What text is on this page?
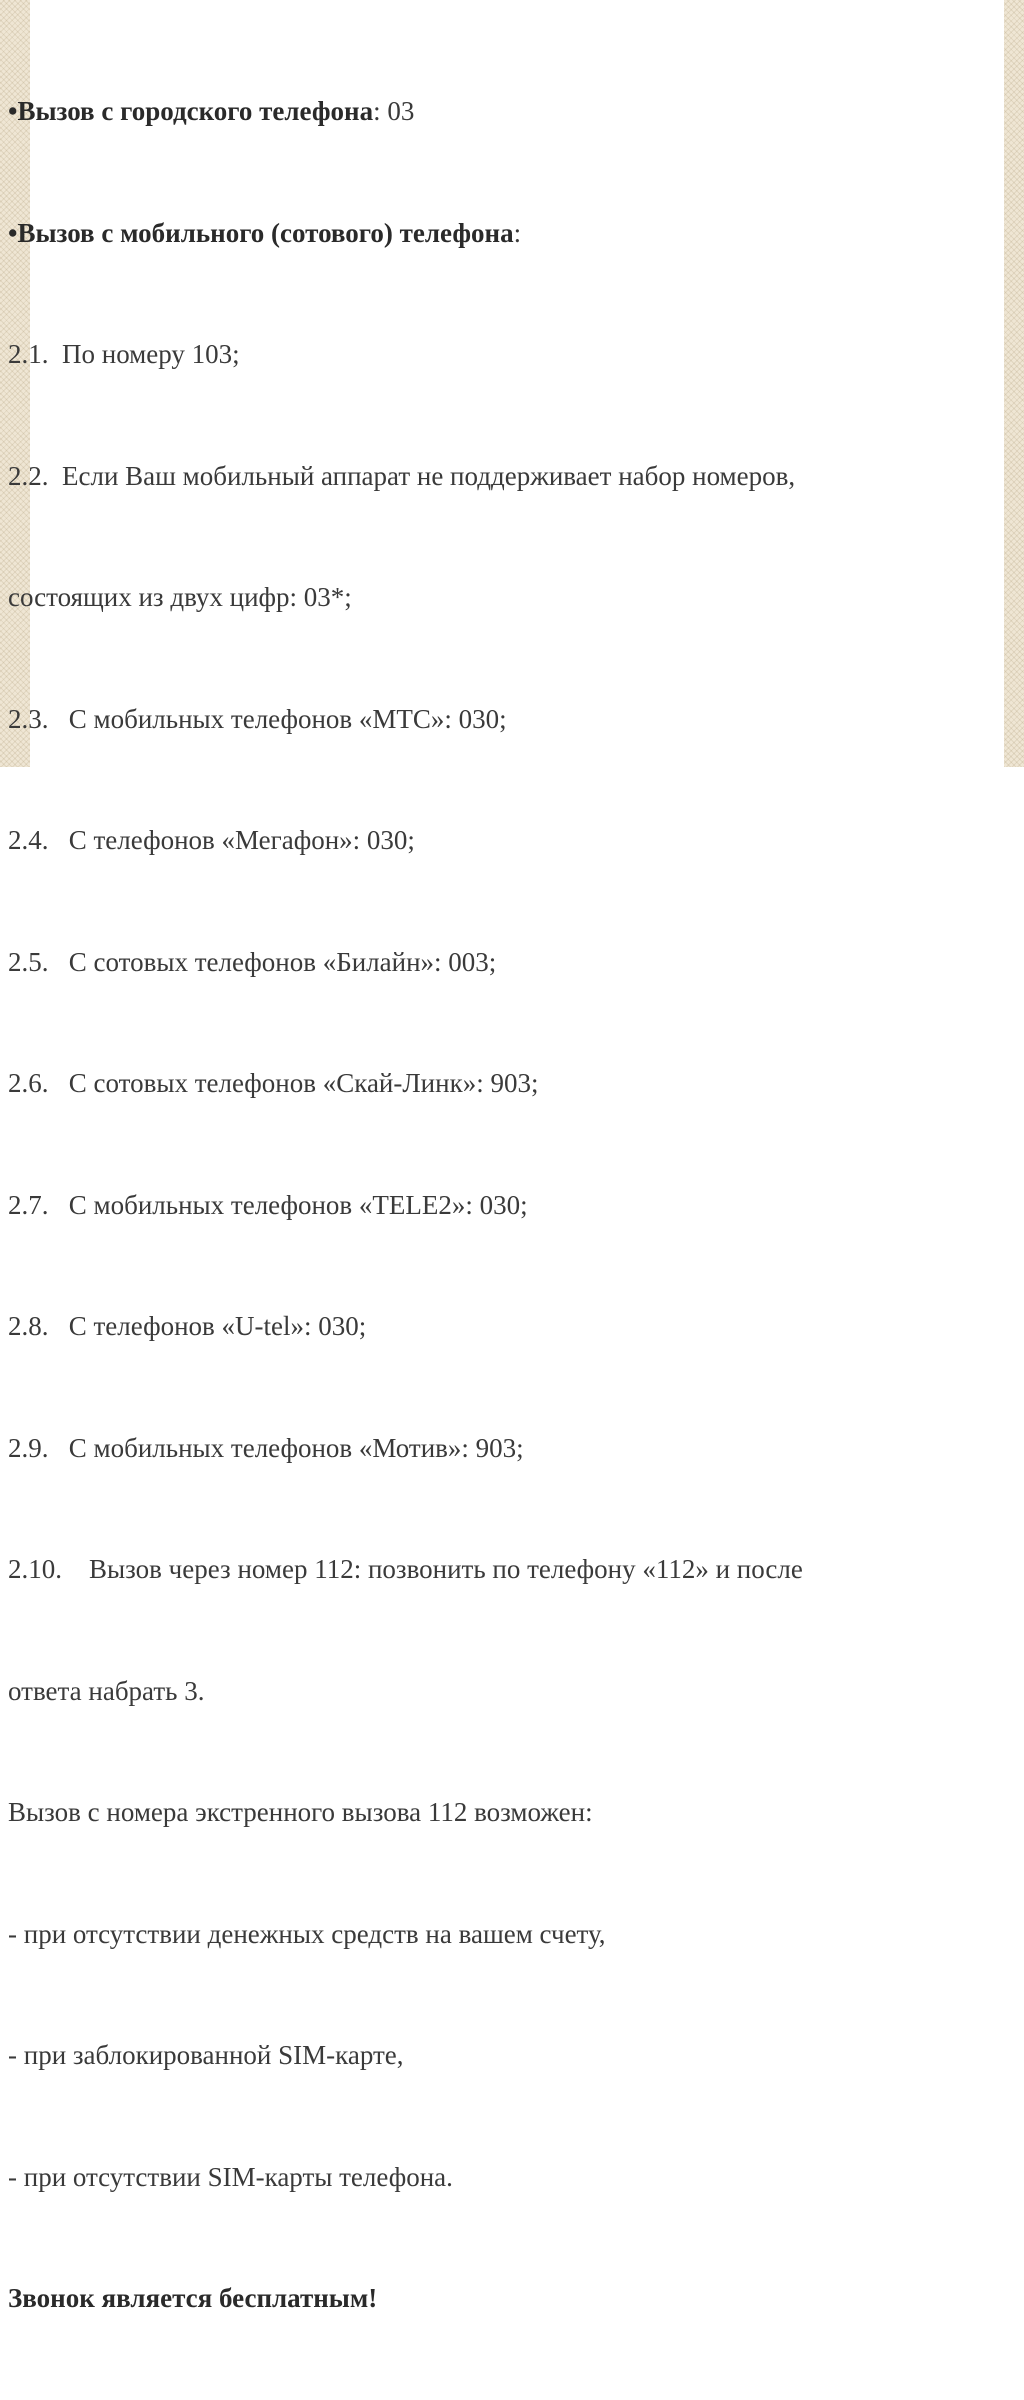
•Вызов с городского телефона: 03

•Вызов с мобильного (сотового) телефона:

2.1.  По номеру 103;

2.2.  Если Ваш мобильный аппарат не поддерживает набор номеров,

состоящих из двух цифр: 03*;

2.3.   С мобильных телефонов «МТС»: 030;

2.4.   С телефонов «Мегафон»: 030;

2.5.   С сотовых телефонов «Билайн»: 003;

2.6.   С сотовых телефонов «Скай-Линк»: 903;

2.7.   С мобильных телефонов «TELE2»: 030;

2.8.   С телефонов «U-tel»: 030;

2.9.   С мобильных телефонов «Мотив»: 903;

2.10.    Вызов через номер 112: позвонить по телефону «112» и после

ответа набрать 3.

Вызов с номера экстренного вызова 112 возможен:

- при отсутствии денежных средств на вашем счету,

- при заблокированной SIM-карте,

- при отсутствии SIM-карты телефона.

Звонок является бесплатным!
